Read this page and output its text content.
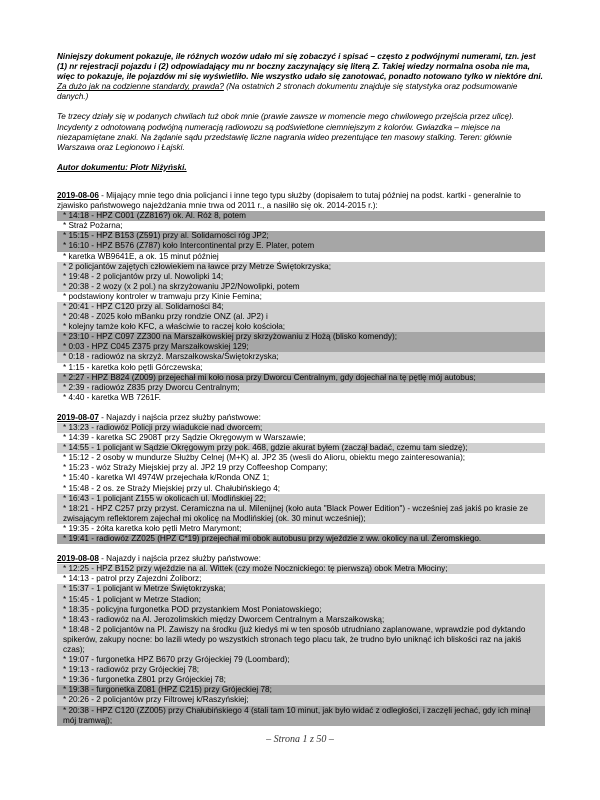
Niniejszy dokument pokazuje, ile różnych wozów udało mi się zobaczyć i spisać – często z podwójnymi numerami, tzn. jest (1) nr rejestracji pojazdu i (2) odpowiadający mu nr boczny zaczynający się literą Z. Takiej wiedzy normalna osoba nie ma, więc to pokazuje, ile pojazdów mi się wyświetliło. Nie wszystko udało się zanotować, ponadto notowano tylko w niektóre dni. Za dużo jak na codzienne standardy, prawda? (Na ostatnich 2 stronach dokumentu znajduje się statystyka oraz podsumowanie danych.)

Te trzecy działy się w podanych chwilach tuż obok mnie (prawie zawsze w momencie mego chwilowego przejścia przez ulicę). Incydenty z odnotowaną podwójną numeracją radiowozu są podświetlone ciemniejszym z kolorów. Gwiazdka – miejsce na niezapamiętane znaki. Na żądanie sądu przedstawię liczne nagrania wideo prezentujące ten masowy stalking. Teren: głównie Warszawa oraz Legionowo i Łajski.

Autor dokumentu: Piotr Niżyński.

2019-08-06 - Mijający mnie tego dnia policjanci i inne tego typu służby (dopisałem to tutaj później na podst. kartki - generalnie to zjawisko państwowego najeżdżania mnie trwa od 2011 r., a nasiliło się ok. 2014-2015 r.):

* 14:18 - HPZ C001 (ZZ816?) ok. Al. Róż 8, potem

* Straż Pożarna;

* 15:15 - HPZ B153 (Z591) przy al. Solidarności róg JP2;

* 16:10 - HPZ B576 (Z787) koło Intercontinental przy E. Plater, potem

* karetka WB9641E, a ok. 15 minut później

* 2 policjantów zajętych człowiekiem na ławce przy Metrze Świętokrzyska;

* 19:48 - 2 policjantów przy ul. Nowolipki 14;

* 20:38 - 2 wozy (x 2 pol.) na skrzyżowaniu JP2/Nowolipki, potem

* podstawiony kontroler w tramwaju przy Kinie Femina;

* 20:41 - HPZ C120 przy al. Solidarności 84;

* 20:48 - Z025 koło mBanku przy rondzie ONZ (al. JP2) i

* kolejny tamże koło KFC, a właściwie to raczej koło kościoła;

* 23:10 - HPZ C097 ZZ300 na Marszałkowskiej przy skrzyżowaniu z Hożą (blisko komendy);

* 0:03 - HPZ C045 Z375 przy Marszałkowskiej 129;

* 0:18 - radiowóz na skrzyż. Marszałkowska/Świętokrzyska;

* 1:15 - karetka koło pętli Górczewska;

* 2:27 - HPZ B824 (Z009) przejechał mi koło nosa przy Dworcu Centralnym, gdy dojechał na tę pętlę mój autobus;

* 2:39 - radiowóz Z835 przy Dworcu Centralnym;

* 4:40 - karetka WB 7261F.

2019-08-07 - Najazdy i najścia przez służby państwowe:

* 13:23 - radiowóz Policji przy wiadukcie nad dworcem;

* 14:39 - karetka SC 2908T przy Sądzie Okręgowym w Warszawie;

* 14:55 - 1 policjant w Sądzie Okręgowym przy pok. 468, gdzie akurat byłem (zaczął badać, czemu tam siedzę);

* 15:12 - 2 osoby w mundurze Służby Celnej (M+K) al. JP2 35 (wesli do Alioru, obiektu mego zainteresowania);

* 15:23 - wóz Straży Miejskiej przy al. JP2 19 przy Coffeeshop Company;

* 15:40 - karetka WI 4974W przejechała k/Ronda ONZ 1;

* 15:48 - 2 os. ze Straży Miejskiej przy ul. Chałubińskiego 4;

* 16:43 - 1 policjant Z155 w okolicach ul. Modlińskiej 22;

* 18:21 - HPZ C257 przy przyst. Ceramiczna na ul. Milenijnej (koło auta "Black Power Edition") - wcześniej zaś jakiś po krasie ze zwisającym reflektorem zajechał mi okolicę na Modlińskiej (ok. 30 minut wcześniej);

* 19:35 - żółta karetka koło pętli Metro Marymont;

* 19:41 - radiowóz ZZ025 (HPZ C*19) przejechał mi obok autobusu przy wjeździe z ww. okolicy na ul. Żeromskiego.

2019-08-08 - Najazdy i najścia przez służby państwowe:

* 12:25 - HPZ B152 przy wjeździe na al. Wittek (czy może Nocznickiego: tę pierwszą) obok Metra Młociny;

* 14:13 - patrol przy Zajezdni Żoliborz;

* 15:37 - 1 policjant w Metrze Świętokrzyska;

* 15:45 - 1 policjant w Metrze Stadion;

* 18:35 - policyjna furgonetka POD przystankiem Most Poniatowskiego;

* 18:43 - radiowóz na Al. Jerozolimskich między Dworcem Centralnym a Marszałkowską;

* 18:48 - 2 policjantów na Pl. Zawiszy na środku (już kiedyś mi w ten sposób utrudniano zaplanowane, wprawdzie pod dyktando spikerów, zakupy nocne: bo lazili wtedy po wszystkich stronach tego placu tak, że trudno było uniknąć ich bliskości raz na jakiś czas);

* 19:07 - furgonetka HPZ B670 przy Grójeckiej 79 (Loombard);

* 19:13 - radiowóz przy Grójeckiej 78;

* 19:36 - furgonetka Z801 przy Grójeckiej 78;

* 19:38 - furgonetka Z081 (HPZ C215) przy Grójeckiej 78;

* 20:26 - 2 policjantów przy Filtrowej k/Raszyńskiej;

* 20:38 - HPZ C120 (ZZ005) przy Chałubińskiego 4 (stali tam 10 minut, jak było widać z odległości, i zaczęli jechać, gdy ich minął mój tramwaj);

– Strona 1 z 50 –
